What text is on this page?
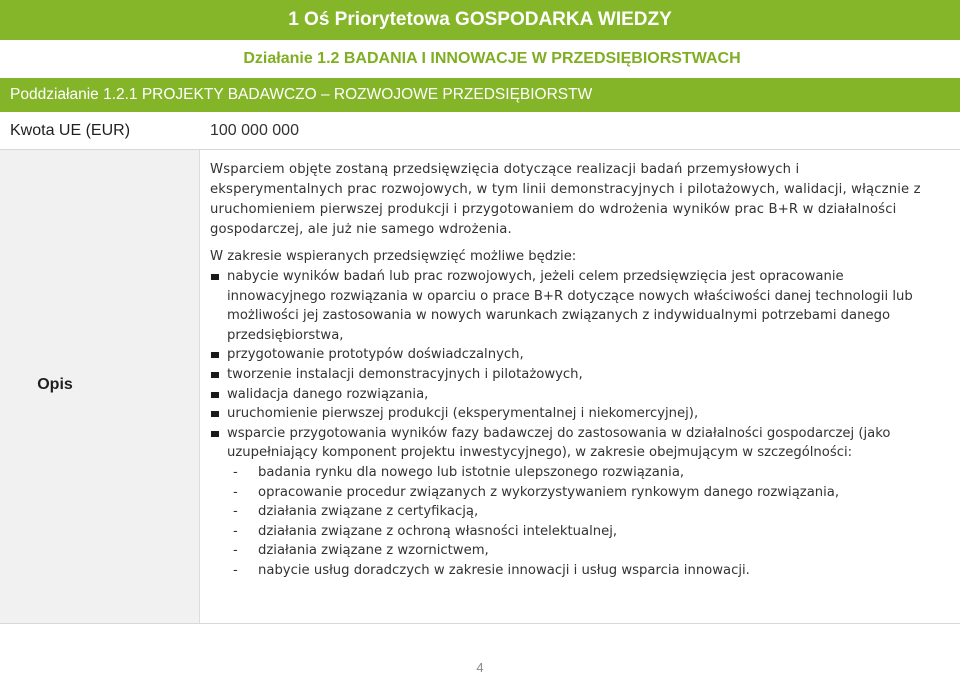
1 Oś Priorytetowa GOSPODARKA WIEDZY
Działanie 1.2 BADANIA I INNOWACJE W PRZEDSIĘBIORSTWACH
Poddziałanie 1.2.1 PROJEKTY BADAWCZO – ROZWOJOWE PRZEDSIĘBIORSTW
Kwota UE (EUR)	100 000 000
Opis

Wsparciem objęte zostaną przedsięwzięcia dotyczące realizacji badań przemysłowych i eksperymentalnych prac rozwojowych, w tym linii demonstracyjnych i pilotażowych, walidacji, włącznie z uruchomieniem pierwszej produkcji i przygotowaniem do wdrożenia wyników prac B+R w działalności gospodarczej, ale już nie samego wdrożenia.

W zakresie wspieranych przedsięwzięć możliwe będzie:

nabycie wyników badań lub prac rozwojowych, jeżeli celem przedsięwzięcia jest opracowanie innowacyjnego rozwiązania w oparciu o prace B+R dotyczące nowych właściwości danej technologii lub możliwości jej zastosowania w nowych warunkach związanych z indywidualnymi potrzebami danego przedsiębiorstwa,
przygotowanie prototypów doświadczalnych,
tworzenie instalacji demonstracyjnych i pilotażowych,
walidacja danego rozwiązania,
uruchomienie pierwszej produkcji (eksperymentalnej i niekomercyjnej),
wsparcie przygotowania wyników fazy badawczej do zastosowania w działalności gospodarczej (jako uzupełniający komponent projektu inwestycyjnego), w zakresie obejmującym w szczególności:
- badania rynku dla nowego lub istotnie ulepszonego rozwiązania,
- opracowanie procedur związanych z wykorzystywaniem rynkowym danego rozwiązania,
- działania związane z certyfikacją,
- działania związane z ochroną własności intelektualnej,
- działania związane z wzornictwem,
- nabycie usług doradczych w zakresie innowacji i usług wsparcia innowacji.
4
